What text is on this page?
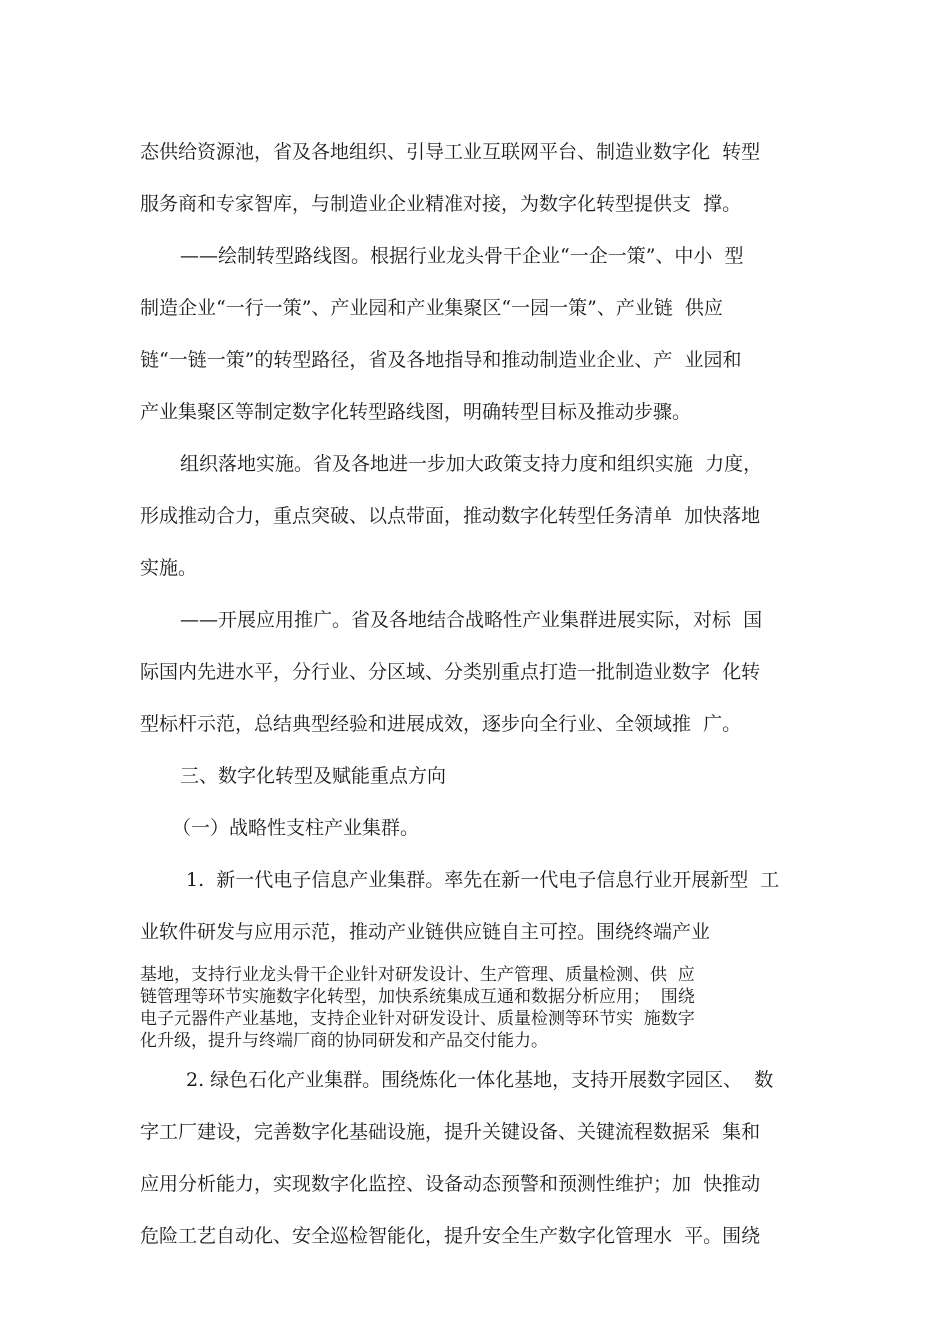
态供给资源池，省及各地组织、引导工业互联网平台、制造业数字化  转型
服务商和专家智库，与制造业企业精准对接，为数字化转型提供支  撑。
——绘制转型路线图。根据行业龙头骨干企业“一企一策”、中小  型
制造企业“一行一策”、产业园和产业集聚区“一园一策”、产业链  供应
链“一链一策”的转型路径，省及各地指导和推动制造业企业、产  业园和
产业集聚区等制定数字化转型路线图，明确转型目标及推动步骤。
组织落地实施。省及各地进一步加大政策支持力度和组织实施  力度，
形成推动合力，重点突破、以点带面，推动数字化转型任务清单  加快落地
实施。
——开展应用推广。省及各地结合战略性产业集群进展实际，对标  国
际国内先进水平，分行业、分区域、分类别重点打造一批制造业数字  化转
型标杆示范，总结典型经验和进展成效，逐步向全行业、全领域推  广。
三、数字化转型及赋能重点方向
（一）战略性支柱产业集群。
1.  新一代电子信息产业集群。率先在新一代电子信息行业开展新型  工
业软件研发与应用示范，推动产业链供应链自主可控。围绕终端产业
基地，支持行业龙头骨干企业针对研发设计、生产管理、质量检测、供  应
链管理等环节实施数字化转型，加快系统集成互通和数据分析应用；  围绕
电子元器件产业基地，支持企业针对研发设计、质量检测等环节实  施数字
化升级，提升与终端厂商的协同研发和产品交付能力。
2. 绿色石化产业集群。围绕炼化一体化基地，支持开展数字园区、  数
字工厂建设，完善数字化基础设施，提升关键设备、关键流程数据采  集和
应用分析能力，实现数字化监控、设备动态预警和预测性维护；加  快推动
危险工艺自动化、安全巡检智能化，提升安全生产数字化管理水  平。围绕
